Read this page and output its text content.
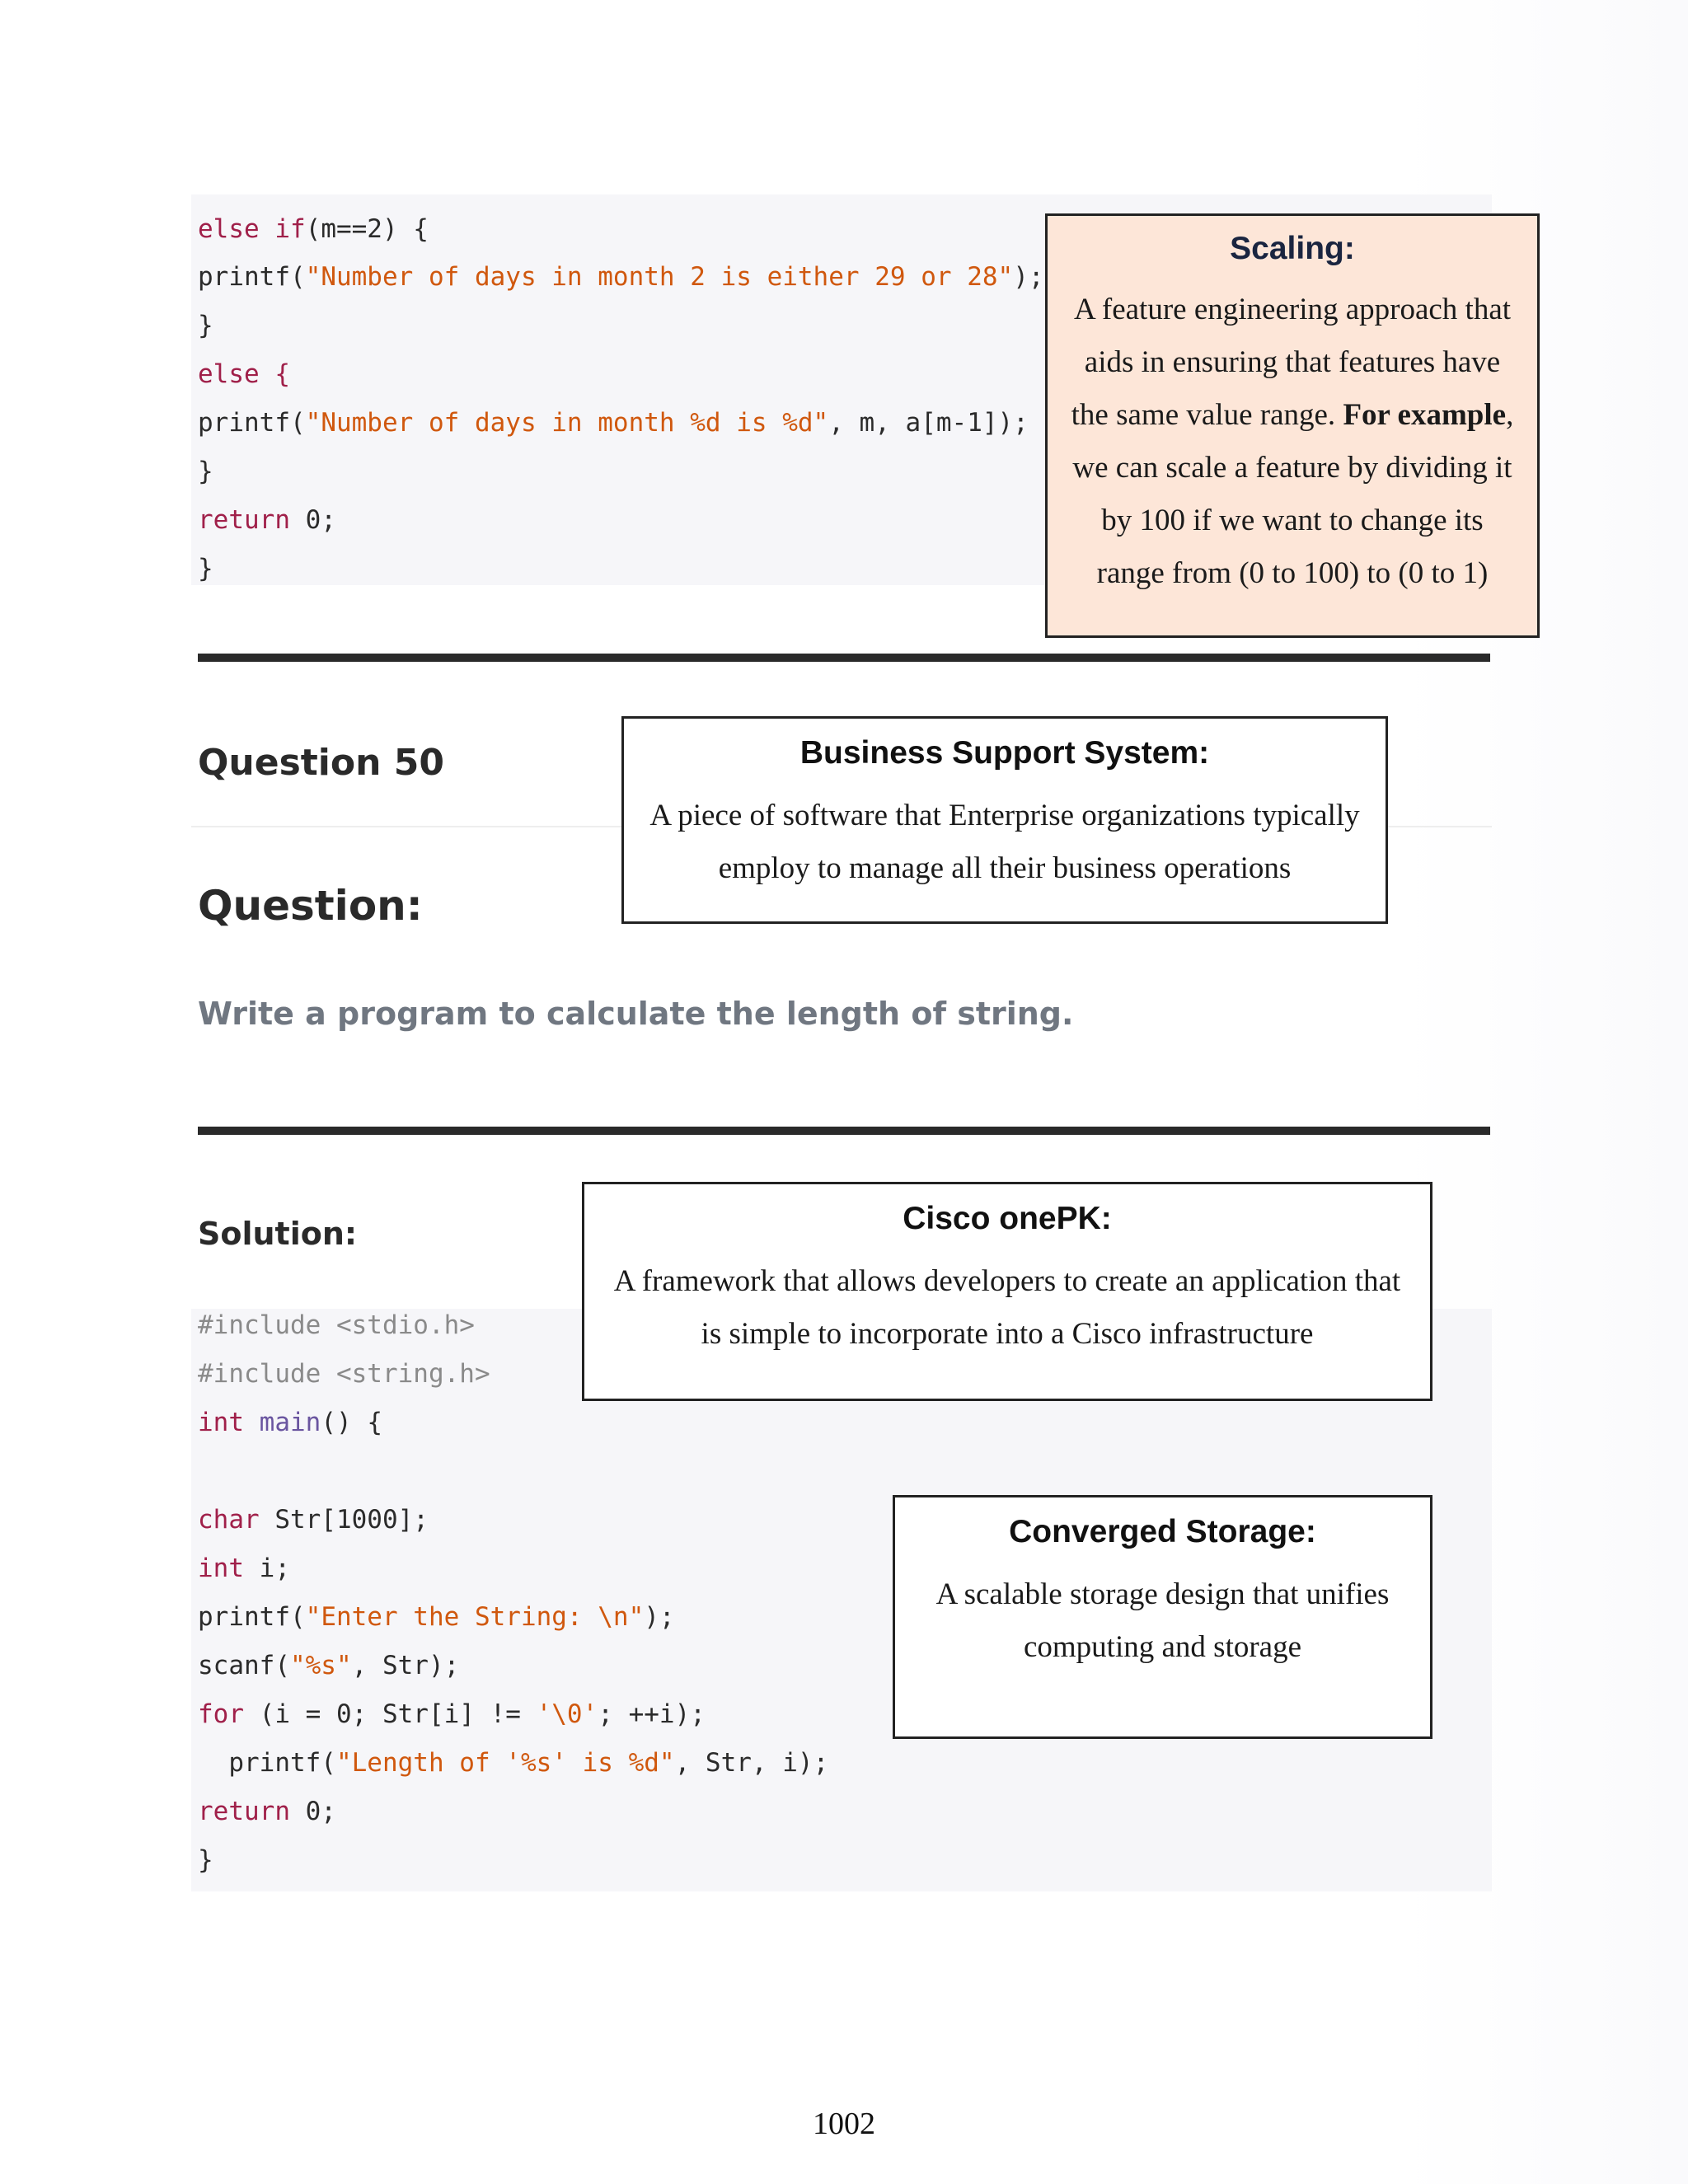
else if(m==2) {
printf("Number of days in month 2 is either 29 or 28");
}
else {
printf("Number of days in month %d is %d", m, a[m-1]);
}
return 0;
}
Scaling:
A feature engineering approach that aids in ensuring that features have the same value range. For example, we can scale a feature by dividing it by 100 if we want to change its range from (0 to 100) to (0 to 1)
Question 50
Question:
Write a program to calculate the length of string.
Business Support System:
A piece of software that Enterprise organizations typically employ to manage all their business operations
Solution:
#include <stdio.h>
#include <string.h>
int main() {
char Str[1000];
int i;
printf("Enter the String: \n");
scanf("%s", Str);
for (i = 0; Str[i] != '\0'; ++i);
printf("Length of '%s' is %d", Str, i);
return 0;
}
Cisco onePK:
A framework that allows developers to create an application that is simple to incorporate into a Cisco infrastructure
Converged Storage:
A scalable storage design that unifies computing and storage
1002
